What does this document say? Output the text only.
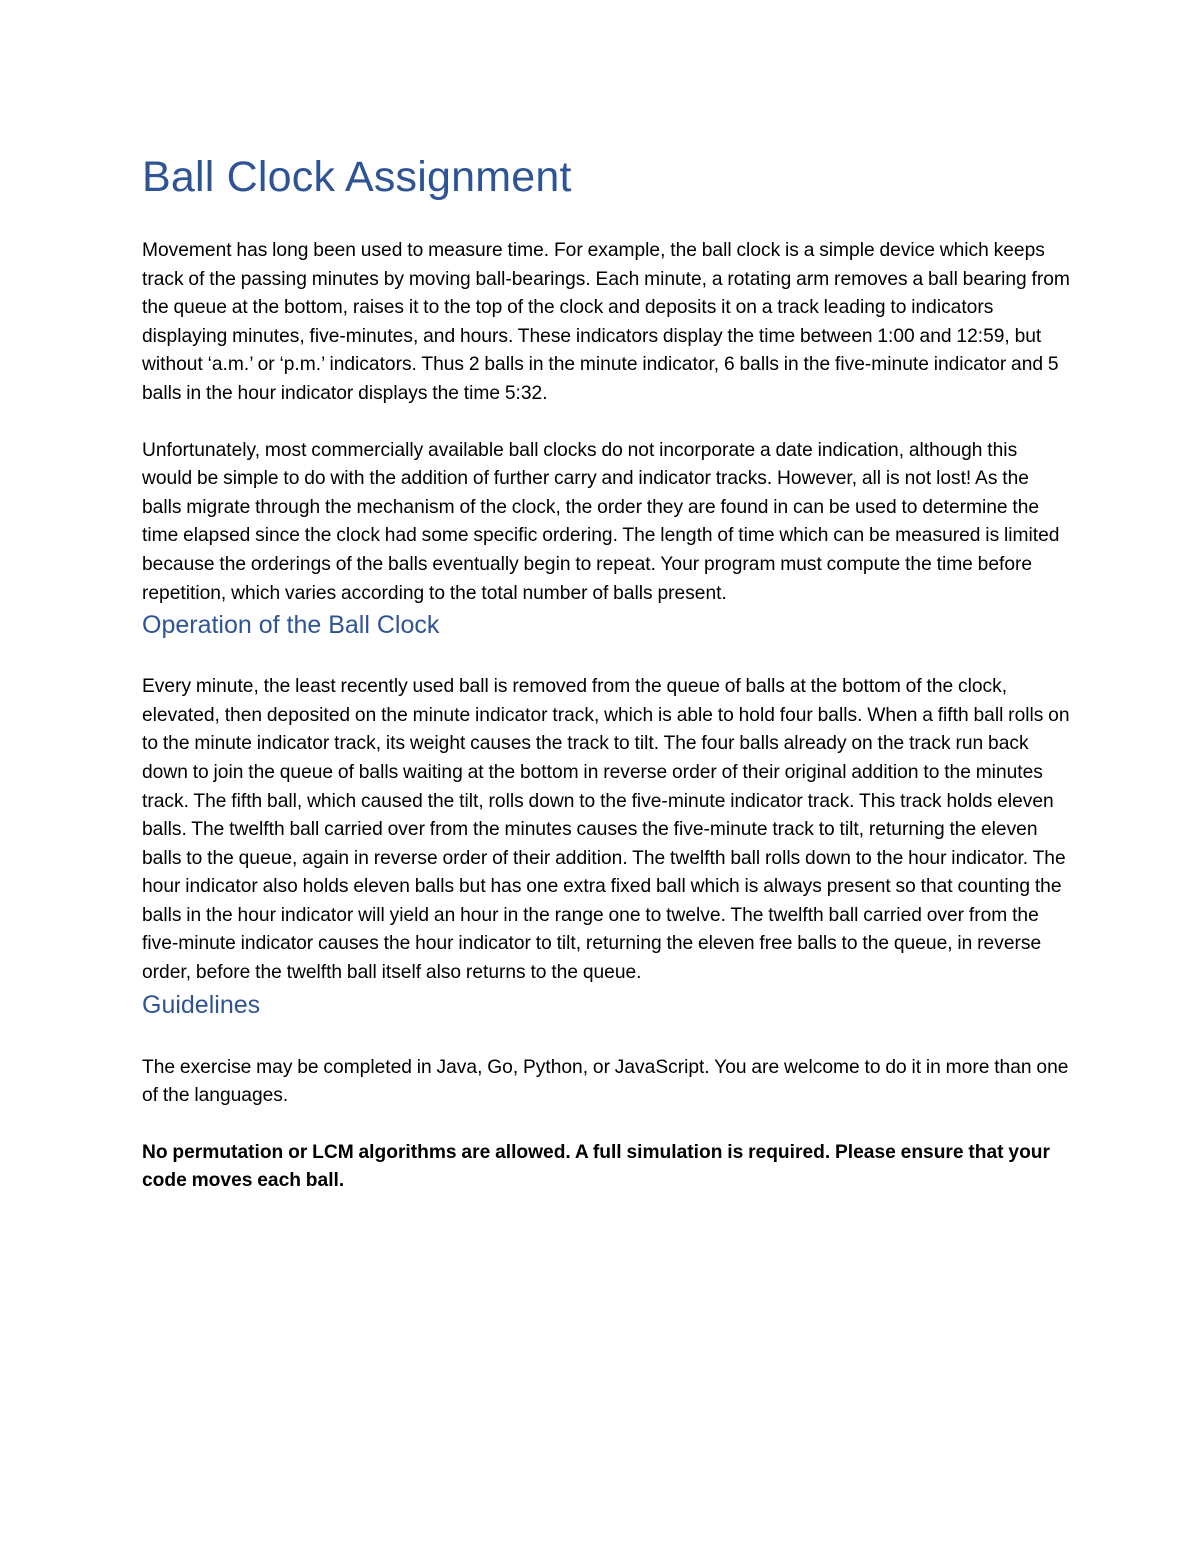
Ball Clock Assignment

Movement has long been used to measure time. For example, the ball clock is a simple device which keeps track of the passing minutes by moving ball-bearings. Each minute, a rotating arm removes a ball bearing from the queue at the bottom, raises it to the top of the clock and deposits it on a track leading to indicators displaying minutes, five-minutes, and hours. These indicators display the time between 1:00 and 12:59, but without ‘a.m.’ or ‘p.m.’ indicators. Thus 2 balls in the minute indicator, 6 balls in the five-minute indicator and 5 balls in the hour indicator displays the time 5:32.

Unfortunately, most commercially available ball clocks do not incorporate a date indication, although this would be simple to do with the addition of further carry and indicator tracks. However, all is not lost! As the balls migrate through the mechanism of the clock, the order they are found in can be used to determine the time elapsed since the clock had some specific ordering. The length of time which can be measured is limited because the orderings of the balls eventually begin to repeat. Your program must compute the time before repetition, which varies according to the total number of balls present.

Operation of the Ball Clock

Every minute, the least recently used ball is removed from the queue of balls at the bottom of the clock, elevated, then deposited on the minute indicator track, which is able to hold four balls. When a fifth ball rolls on to the minute indicator track, its weight causes the track to tilt. The four balls already on the track run back down to join the queue of balls waiting at the bottom in reverse order of their original addition to the minutes track. The fifth ball, which caused the tilt, rolls down to the five-minute indicator track. This track holds eleven balls. The twelfth ball carried over from the minutes causes the five-minute track to tilt, returning the eleven balls to the queue, again in reverse order of their addition. The twelfth ball rolls down to the hour indicator. The hour indicator also holds eleven balls but has one extra fixed ball which is always present so that counting the balls in the hour indicator will yield an hour in the range one to twelve. The twelfth ball carried over from the five-minute indicator causes the hour indicator to tilt, returning the eleven free balls to the queue, in reverse order, before the twelfth ball itself also returns to the queue.

Guidelines

The exercise may be completed in Java, Go, Python, or JavaScript. You are welcome to do it in more than one of the languages.

No permutation or LCM algorithms are allowed. A full simulation is required. Please ensure that your code moves each ball.
